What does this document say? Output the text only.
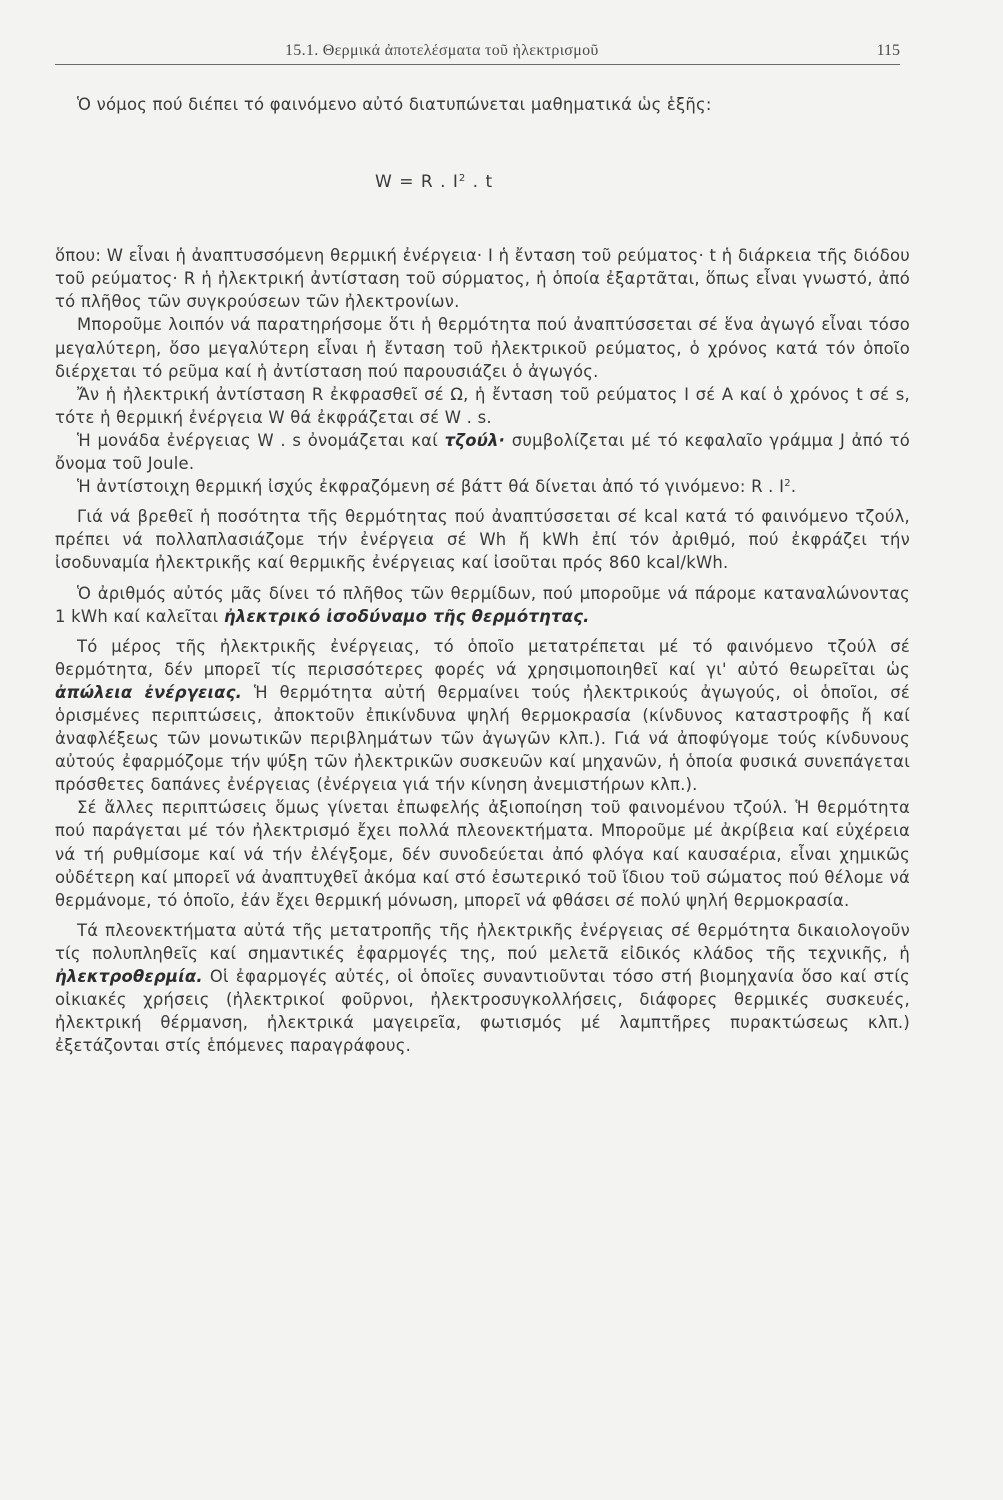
15.1. Θερμικά ἀποτελέσματα τοῦ ἠλεκτρισμοῦ	115

Ὁ νόμος πού διέπει τό φαινόμενο αὐτό διατυπώνεται μαθηματικά ὡς ἑξῆς:

W = R . $I^2$ . t

ὅπου: W εἶναι ἡ ἀναπτυσσόμενη θερμική ἐνέργεια· I ἡ ἔνταση τοῦ ρεύματος· t ἡ διάρκεια τῆς διόδου τοῦ ρεύματος· R ἡ ἠλεκτρική ἀντίσταση τοῦ σύρματος, ἡ ὁποία ἐξαρτᾶται, ὅπως εἶναι γνωστό, ἀπό τό πλῆθος τῶν συγκρούσεων τῶν ἠλεκτρονίων.

Μποροῦμε λοιπόν νά παρατηρήσομε ὅτι ἡ θερμότητα πού ἀναπτύσσεται σέ ἕνα ἀγωγό εἶναι τόσο μεγαλύτερη, ὅσο μεγαλύτερη εἶναι ἡ ἔνταση τοῦ ἠλεκτρικοῦ ρεύματος, ὁ χρόνος κατά τόν ὁποῖο διέρχεται τό ρεῦμα καί ἡ ἀντίσταση πού παρουσιάζει ὁ ἀγωγός.

Ἄν ἡ ἠλεκτρική ἀντίσταση R ἐκφρασθεῖ σέ Ω, ἡ ἔνταση τοῦ ρεύματος I σέ A καί ὁ χρόνος t σέ s, τότε ἡ θερμική ἐνέργεια W θά ἐκφράζεται σέ W . s.

Ἡ μονάδα ἐνέργειας W . s ὀνομάζεται καί τζούλ· συμβολίζεται μέ τό κεφαλαῖο γράμμα J ἀπό τό ὄνομα τοῦ Joule.

Ἡ ἀντίστοιχη θερμική ἰσχύς ἐκφραζόμενη σέ βάττ θά δίνεται ἀπό τό γινόμενο: R . $I^2$.

Γιά νά βρεθεῖ ἡ ποσότητα τῆς θερμότητας πού ἀναπτύσσεται σέ kcal κατά τό φαινόμενο τζούλ, πρέπει νά πολλαπλασιάζομε τήν ἐνέργεια σέ Wh ἤ kWh ἐπί τόν ἀριθμό, πού ἐκφράζει τήν ἰσοδυναμία ἠλεκτρικῆς καί θερμικῆς ἐνέργειας καί ἰσοῦται πρός 860 kcal/kWh.

Ὁ ἀριθμός αὐτός μᾶς δίνει τό πλῆθος τῶν θερμίδων, πού μποροῦμε νά πάρομε καταναλώνοντας 1 kWh καί καλεῖται ἠλεκτρικό ἰσοδύναμο τῆς θερμότητας.

Τό μέρος τῆς ἠλεκτρικῆς ἐνέργειας, τό ὁποῖο μετατρέπεται μέ τό φαινόμενο τζούλ σέ θερμότητα, δέν μπορεῖ τίς περισσότερες φορές νά χρησιμοποιηθεῖ καί γι' αὐτό θεωρεῖται ὡς ἀπώλεια ἐνέργειας. Ἡ θερμότητα αὐτή θερμαίνει τούς ἠλεκτρικούς ἀγωγούς, οἱ ὁποῖοι, σέ ὁρισμένες περιπτώσεις, ἀποκτοῦν ἐπικίνδυνα ψηλή θερμοκρασία (κίνδυνος καταστροφῆς ἤ καί ἀναφλέξεως τῶν μονωτικῶν περιβλημάτων τῶν ἀγωγῶν κλπ.). Γιά νά ἀποφύγομε τούς κίνδυνους αὐτούς ἐφαρμόζομε τήν ψύξη τῶν ἠλεκτρικῶν συσκευῶν καί μηχανῶν, ἡ ὁποία φυσικά συνεπάγεται πρόσθετες δαπάνες ἐνέργειας (ἐνέργεια γιά τήν κίνηση ἀνεμιστήρων κλπ.).

Σέ ἄλλες περιπτώσεις ὅμως γίνεται ἐπωφελής ἀξιοποίηση τοῦ φαινομένου τζούλ. Ἡ θερμότητα πού παράγεται μέ τόν ἠλεκτρισμό ἔχει πολλά πλεονεκτήματα. Μποροῦμε μέ ἀκρίβεια καί εὐχέρεια νά τή ρυθμίσομε καί νά τήν ἐλέγξομε, δέν συνοδεύεται ἀπό φλόγα καί καυσαέρια, εἶναι χημικῶς οὐδέτερη καί μπορεῖ νά ἀναπτυχθεῖ ἀκόμα καί στό ἐσωτερικό τοῦ ἴδιου τοῦ σώματος πού θέλομε νά θερμάνομε, τό ὁποῖο, ἐάν ἔχει θερμική μόνωση, μπορεῖ νά φθάσει σέ πολύ ψηλή θερμοκρασία.

Τά πλεονεκτήματα αὐτά τῆς μετατροπῆς τῆς ἠλεκτρικῆς ἐνέργειας σέ θερμότητα δικαιολογοῦν τίς πολυπληθεῖς καί σημαντικές ἐφαρμογές της, πού μελετᾶ εἰδικός κλάδος τῆς τεχνικῆς, ἡ ἠλεκτροθερμία. Οἱ ἐφαρμογές αὐτές, οἱ ὁποῖες συναντιοῦνται τόσο στή βιομηχανία ὅσο καί στίς οἰκιακές χρήσεις (ἠλεκτρικοί φοῦρνοι, ἠλεκτροσυγκολλήσεις, διάφορες θερμικές συσκευές, ἠλεκτρική θέρμανση, ἠλεκτρικά μαγειρεῖα, φωτισμός μέ λαμπτῆρες πυρακτώσεως κλπ.) ἐξετάζονται στίς ἑπόμενες παραγράφους.
